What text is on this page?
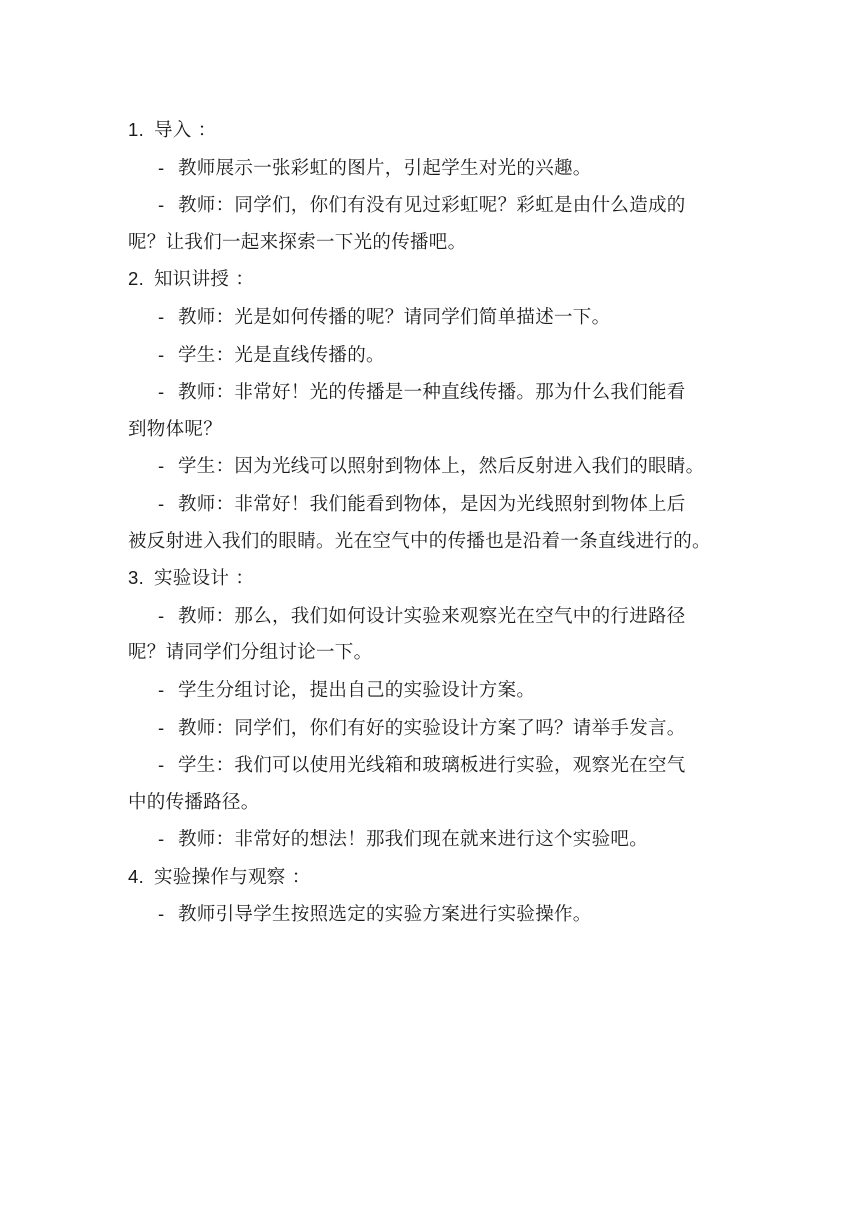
1. 导入 ：
- 教师展示一张彩虹的图片，引起学生对光的兴趣。
- 教师：同学们，你们有没有见过彩虹呢？彩虹是由什么造成的
呢？让我们一起来探索一下光的传播吧。
2. 知识讲授 ：
- 教师：光是如何传播的呢？请同学们简单描述一下。
- 学生：光是直线传播的。
- 教师：非常好！光的传播是一种直线传播。那为什么我们能看
到物体呢？
- 学生：因为光线可以照射到物体上，然后反射进入我们的眼睛。
- 教师：非常好！我们能看到物体，是因为光线照射到物体上后
被反射进入我们的眼睛。光在空气中的传播也是沿着一条直线进行的。
3. 实验设计 ：
- 教师：那么，我们如何设计实验来观察光在空气中的行进路径
呢？请同学们分组讨论一下。
- 学生分组讨论，提出自己的实验设计方案。
- 教师：同学们，你们有好的实验设计方案了吗？请举手发言。
- 学生：我们可以使用光线箱和玻璃板进行实验，观察光在空气
中的传播路径。
- 教师：非常好的想法！那我们现在就来进行这个实验吧。
4. 实验操作与观察 ：
- 教师引导学生按照选定的实验方案进行实验操作。
